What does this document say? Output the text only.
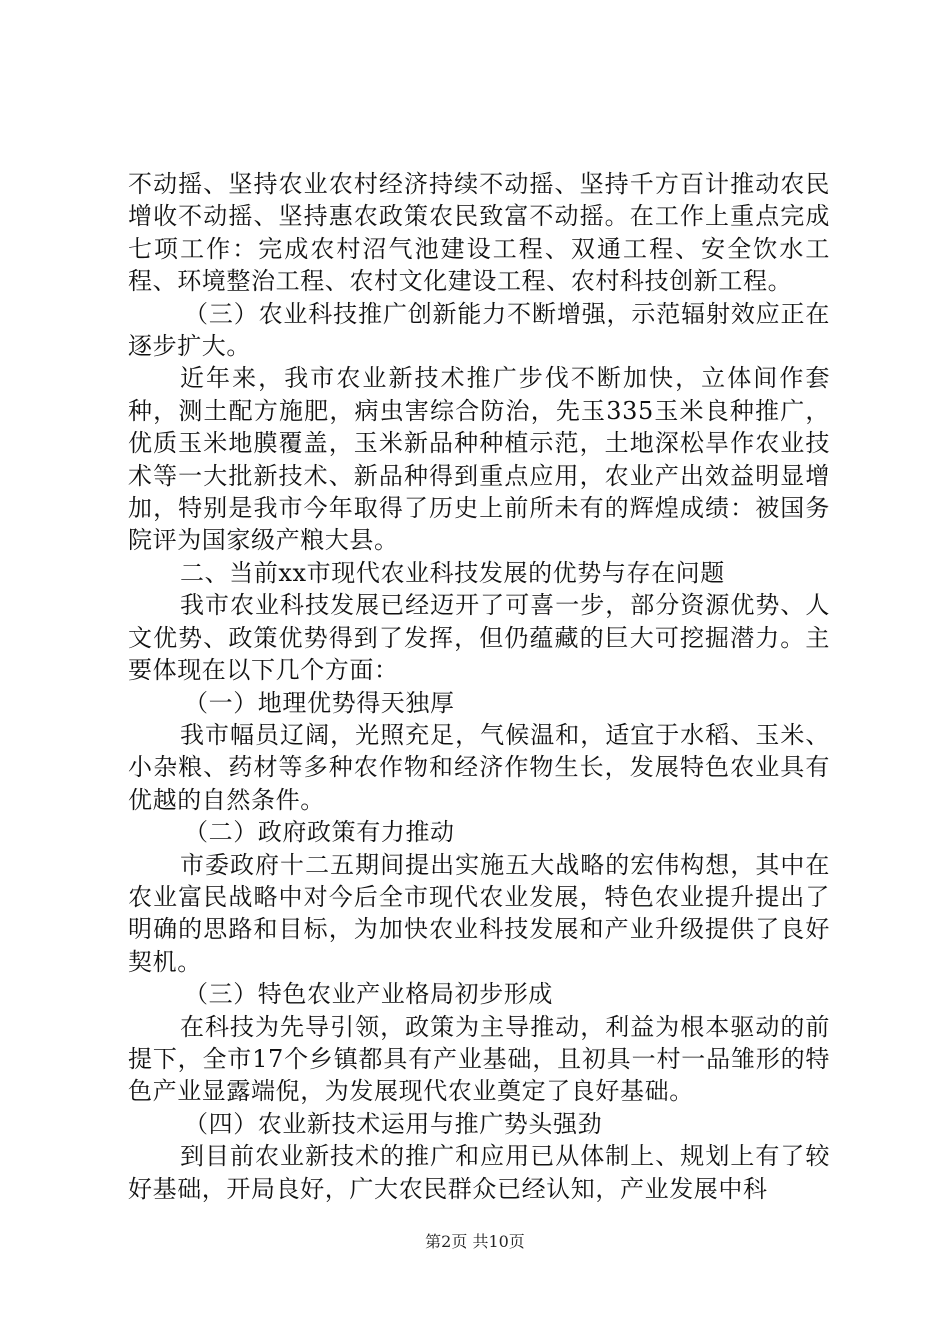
不动摇、坚持农业农村经济持续不动摇、坚持千方百计推动农民增收不动摇、坚持惠农政策农民致富不动摇。在工作上重点完成七项工作：完成农村沼气池建设工程、双通工程、安全饮水工程、环境整治工程、农村文化建设工程、农村科技创新工程。

（三）农业科技推广创新能力不断增强，示范辐射效应正在逐步扩大。

近年来，我市农业新技术推广步伐不断加快，立体间作套种，测土配方施肥，病虫害综合防治，先玉335玉米良种推广，优质玉米地膜覆盖，玉米新品种种植示范，土地深松旱作农业技术等一大批新技术、新品种得到重点应用，农业产出效益明显增加，特别是我市今年取得了历史上前所未有的辉煌成绩：被国务院评为国家级产粮大县。

二、当前xx市现代农业科技发展的优势与存在问题

我市农业科技发展已经迈开了可喜一步，部分资源优势、人文优势、政策优势得到了发挥，但仍蕴藏的巨大可挖掘潜力。主要体现在以下几个方面：

（一）地理优势得天独厚

我市幅员辽阔，光照充足，气候温和，适宜于水稻、玉米、小杂粮、药材等多种农作物和经济作物生长，发展特色农业具有优越的自然条件。

（二）政府政策有力推动

市委政府十二五期间提出实施五大战略的宏伟构想，其中在农业富民战略中对今后全市现代农业发展，特色农业提升提出了明确的思路和目标，为加快农业科技发展和产业升级提供了良好契机。

（三）特色农业产业格局初步形成

在科技为先导引领，政策为主导推动，利益为根本驱动的前提下，全市17个乡镇都具有产业基础，且初具一村一品雏形的特色产业显露端倪，为发展现代农业奠定了良好基础。

（四）农业新技术运用与推广势头强劲

到目前农业新技术的推广和应用已从体制上、规划上有了较好基础，开局良好，广大农民群众已经认知，产业发展中科

第2页 共10页
